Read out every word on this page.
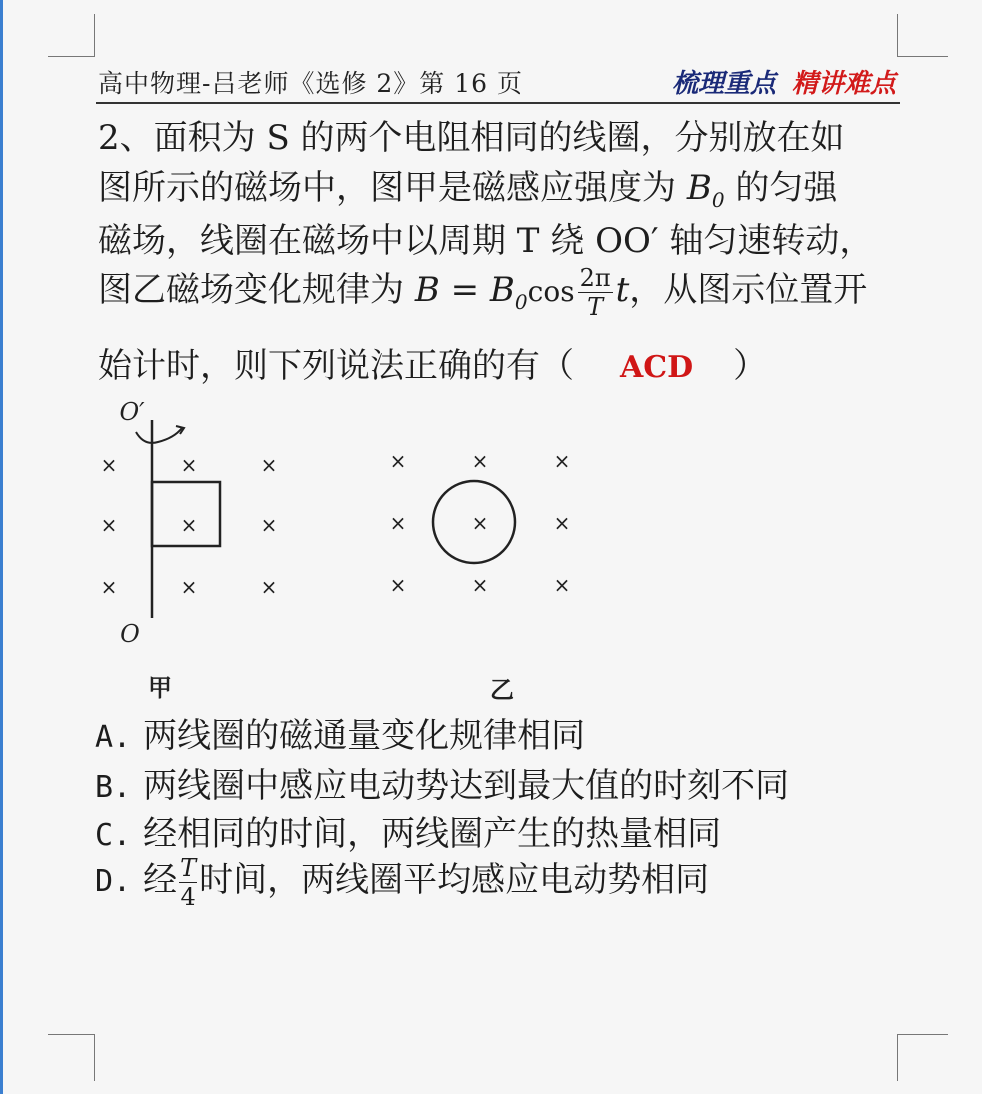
高中物理-吕老师《选修 2》第 16 页	梳理重点 精讲难点
2、面积为 S 的两个电阻相同的线圈，分别放在如
图所示的磁场中，图甲是磁感应强度为 $B_0$ 的匀强
磁场，线圈在磁场中以周期 T 绕 OO′ 轴匀速转动，
图乙磁场变化规律为 $B = B_0\cos \frac{2\pi}{T}$ t，从图示位置开
始计时，则下列说法正确的有（ ACD ）
O′
O
×	×	×
×	×	×
×	×	×
甲
×	×	×
×	×	×
×	×	×
乙
A. 两线圈的磁通量变化规律相同
B. 两线圈中感应电动势达到最大值的时刻不同
C. 经相同的时间，两线圈产生的热量相同
D. 经 $\frac{T}{4}$ 时间，两线圈平均感应电动势相同
